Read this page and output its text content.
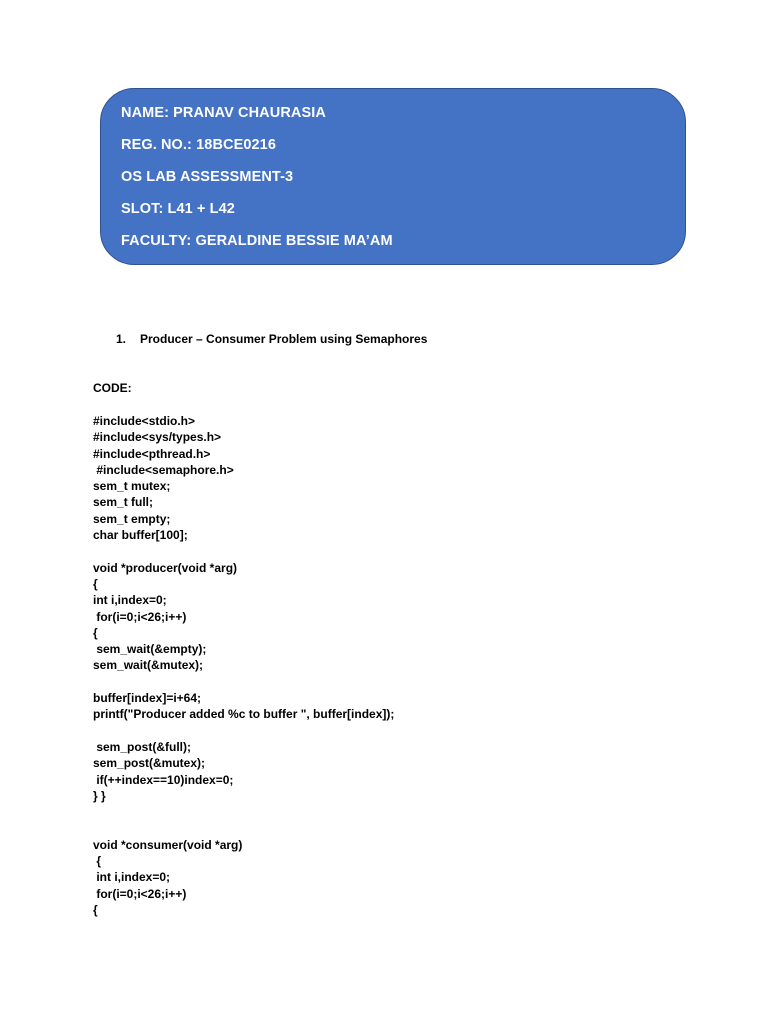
NAME: PRANAV CHAURASIA
REG. NO.: 18BCE0216
OS LAB ASSESSMENT-3
SLOT: L41 + L42
FACULTY: GERALDINE BESSIE MA’AM
1. Producer – Consumer Problem using Semaphores
CODE:
#include<stdio.h>
#include<sys/types.h>
#include<pthread.h>
#include<semaphore.h>
sem_t mutex;
sem_t full;
sem_t empty;
char buffer[100];
void *producer(void *arg)
{
int i,index=0;
for(i=0;i<26;i++)
{
sem_wait(&empty);
sem_wait(&mutex);
buffer[index]=i+64;
printf("Producer added %c to buffer ", buffer[index]);
sem_post(&full);
sem_post(&mutex);
if(++index==10)index=0;
} }
void *consumer(void *arg)
{
int i,index=0;
for(i=0;i<26;i++)
{
